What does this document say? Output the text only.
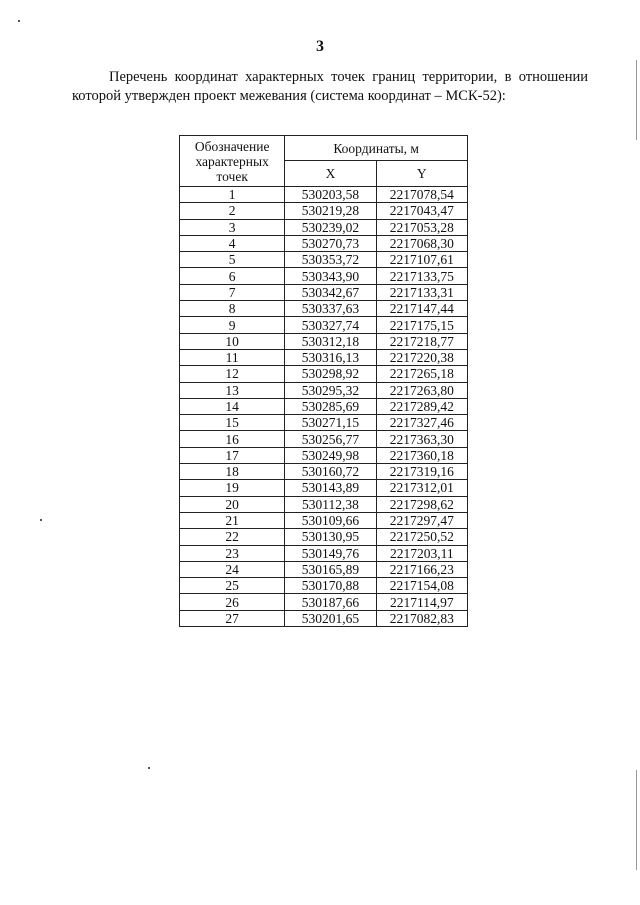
3
Перечень координат характерных точек границ территории, в отношении
которой утвержден проект межевания (система координат – МСК-52):
Обозначение характерных точек	Координаты, м	
	X	Y
1	530203,58	2217078,54
2	530219,28	2217043,47
3	530239,02	2217053,28
4	530270,73	2217068,30
5	530353,72	2217107,61
6	530343,90	2217133,75
7	530342,67	2217133,31
8	530337,63	2217147,44
9	530327,74	2217175,15
10	530312,18	2217218,77
11	530316,13	2217220,38
12	530298,92	2217265,18
13	530295,32	2217263,80
14	530285,69	2217289,42
15	530271,15	2217327,46
16	530256,77	2217363,30
17	530249,98	2217360,18
18	530160,72	2217319,16
19	530143,89	2217312,01
20	530112,38	2217298,62
21	530109,66	2217297,47
22	530130,95	2217250,52
23	530149,76	2217203,11
24	530165,89	2217166,23
25	530170,88	2217154,08
26	530187,66	2217114,97
27	530201,65	2217082,83
